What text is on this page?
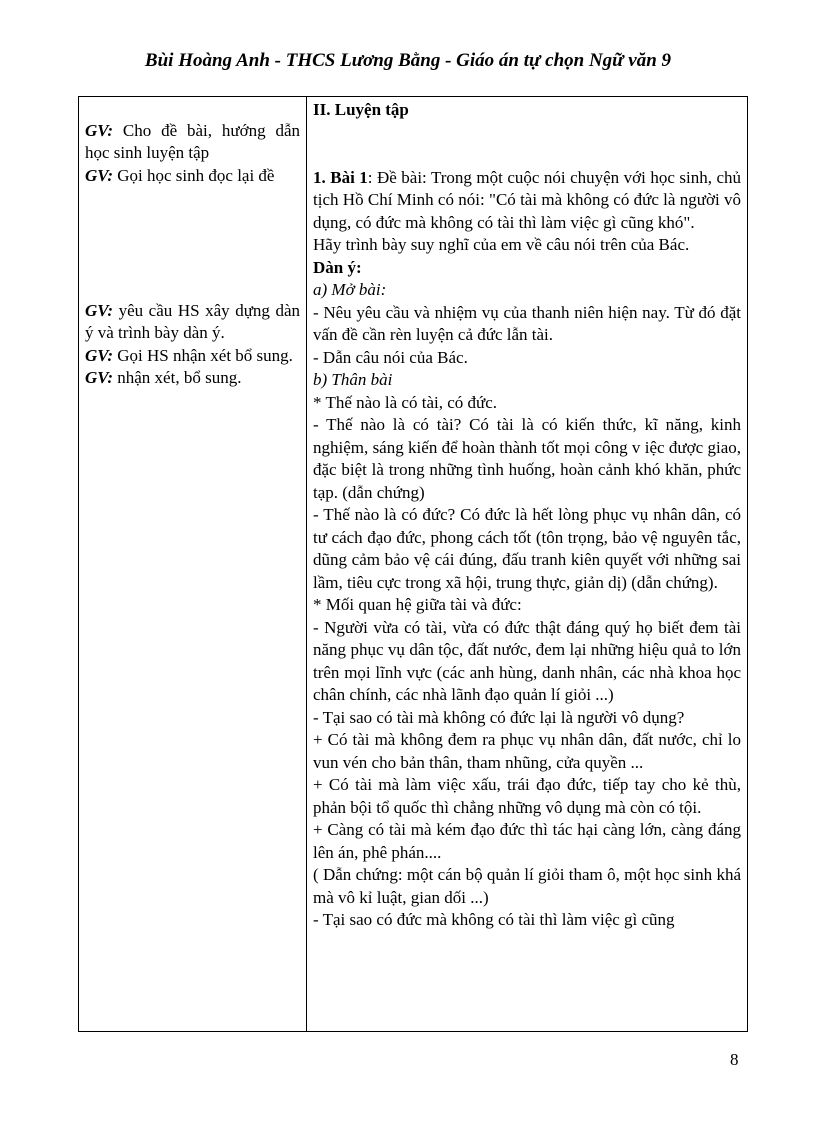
Bùi Hoàng Anh - THCS Lương Bằng - Giáo án tự chọn Ngữ văn 9

GV: Cho đề bài, hướng dẫn học sinh luyện tập

GV: Gọi học sinh đọc lại đề

GV: yêu cầu HS xây dựng dàn ý và trình bày dàn ý.

GV: Gọi HS nhận xét bổ sung.

GV: nhận xét, bổ sung.

II. Luyện tập

1. Bài 1: Đề bài: Trong một cuộc nói chuyện với học sinh, chủ tịch Hồ Chí Minh có nói: "Có tài mà không có đức là người vô dụng, có đức mà không có tài thì làm việc gì cũng khó".

Hãy trình bày suy nghĩ của em về câu nói trên của Bác.

Dàn ý:

a) Mở bài:

- Nêu yêu cầu và nhiệm vụ của thanh niên hiện nay. Từ đó đặt vấn đề cần rèn luyện cả đức lẫn tài.

- Dẫn câu nói của Bác.

b) Thân bài

* Thế nào là có tài, có đức.

- Thế nào là có tài? Có tài là có kiến thức, kĩ năng, kinh nghiệm, sáng kiến để hoàn thành tốt mọi công v iệc được giao, đặc biệt là trong những tình huống, hoàn cảnh khó khăn, phức tạp. (dẫn chứng)

- Thế nào là có đức? Có đức là hết lòng phục vụ nhân dân, có tư cách đạo đức, phong cách tốt (tôn trọng, bảo vệ nguyên tắc, dũng cảm bảo vệ cái đúng, đấu tranh kiên quyết với những sai lầm, tiêu cực trong xã hội, trung thực, giản dị) (dẫn chứng).

* Mối quan hệ giữa tài và đức:

- Người vừa có tài, vừa có đức thật đáng quý họ biết đem tài năng phục vụ dân tộc, đất nước, đem lại những hiệu quả to lớn trên mọi lĩnh vực (các anh hùng, danh nhân, các nhà khoa học chân chính, các nhà lãnh đạo quản lí giỏi ...)

- Tại sao có tài mà không có đức lại là người vô dụng?

+ Có tài mà không đem ra phục vụ nhân dân, đất nước, chỉ lo vun vén cho bản thân, tham nhũng, cửa quyền ...

+ Có tài mà làm việc xấu, trái đạo đức, tiếp tay cho kẻ thù, phản bội tổ quốc thì chẳng những vô dụng mà còn có tội.

+ Càng có tài mà kém đạo đức thì tác hại càng lớn, càng đáng lên án, phê phán....

( Dẫn chứng: một cán bộ quản lí giỏi tham ô, một học sinh khá mà vô kỉ luật, gian dối ...)

- Tại sao có đức mà không có tài thì làm việc gì cũng

8
